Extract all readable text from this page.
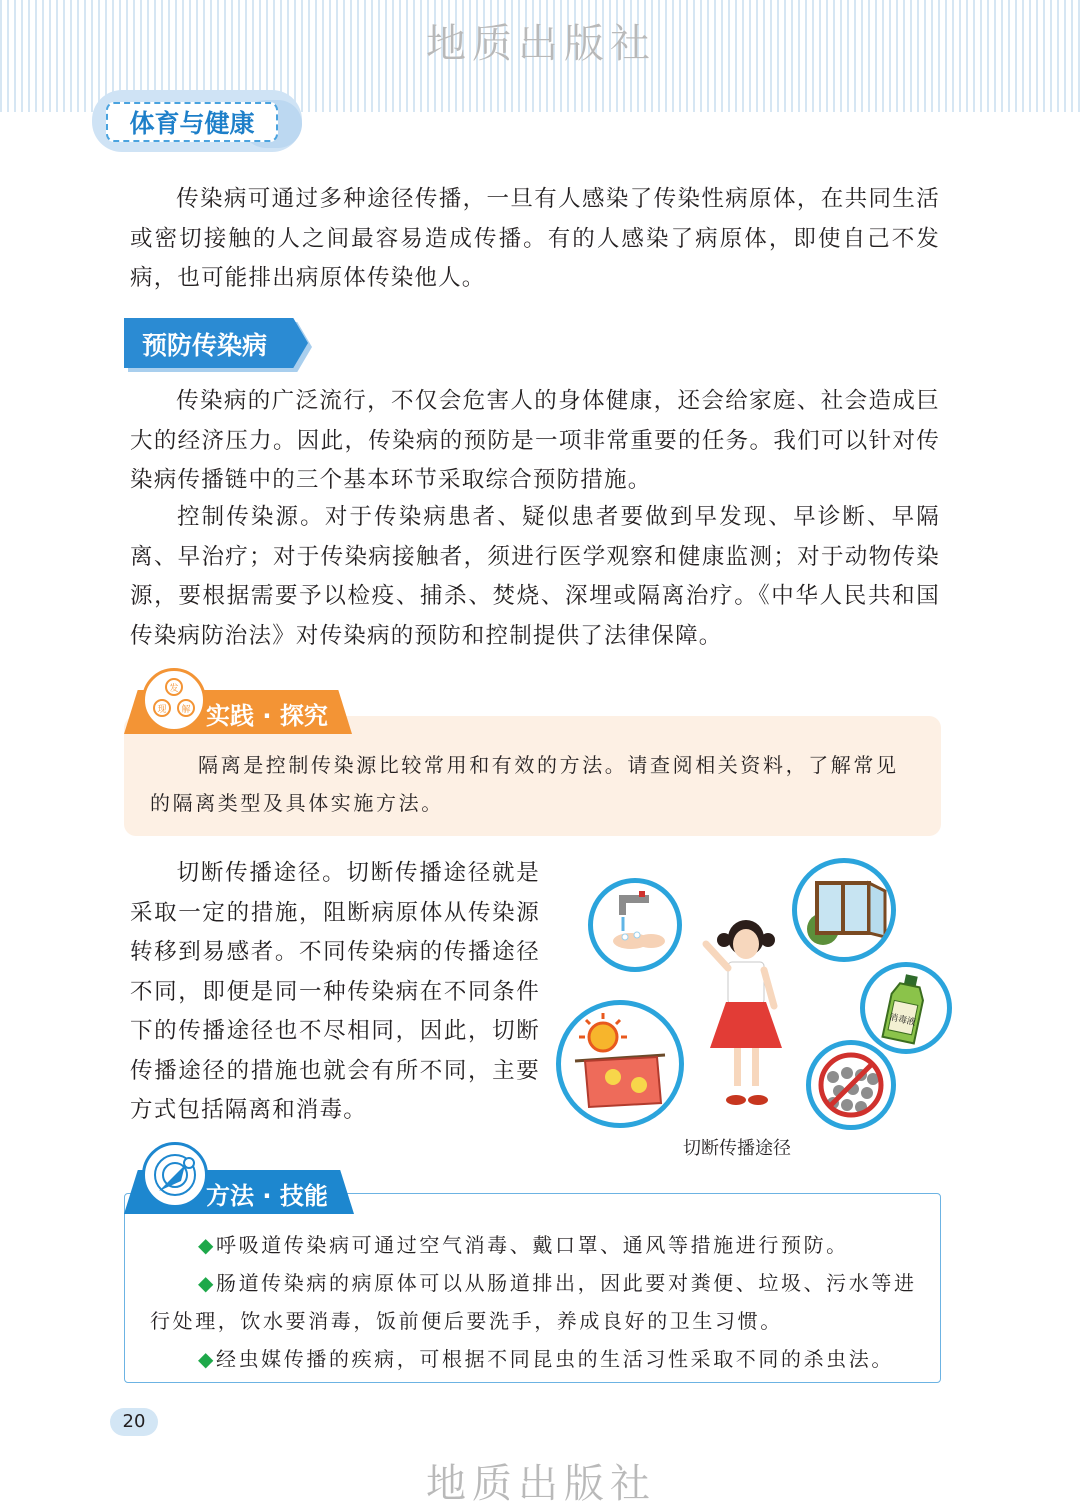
地质出版社
体育与健康

传染病可通过多种途径传播，一旦有人感染了传染性病原体，在共同生活或密切接触的人之间最容易造成传播。有的人感染了病原体，即使自己不发病，也可能排出病原体传染他人。

预防传染病

传染病的广泛流行，不仅会危害人的身体健康，还会给家庭、社会造成巨大的经济压力。因此，传染病的预防是一项非常重要的任务。我们可以针对传染病传播链中的三个基本环节采取综合预防措施。

控制传染源。对于传染病患者、疑似患者要做到早发现、早诊断、早隔离、早治疗；对于传染病接触者，须进行医学观察和健康监测；对于动物传染源，要根据需要予以检疫、捕杀、焚烧、深埋或隔离治疗。《中华人民共和国传染病防治法》对传染病的预防和控制提供了法律保障。

实践 · 探究
发
现 解

隔离是控制传染源比较常用和有效的方法。请查阅相关资料，了解常见的隔离类型及具体实施方法。

切断传播途径。切断传播途径就是采取一定的措施，阻断病原体从传染源转移到易感者。不同传染病的传播途径不同，即便是同一种传染病在不同条件下的传播途径也不尽相同，因此，切断传播途径的措施也就会有所不同，主要方式包括隔离和消毒。

消毒液
切断传播途径
方法 · 技能

◆呼吸道传染病可通过空气消毒、戴口罩、通风等措施进行预防。

◆肠道传染病的病原体可以从肠道排出，因此要对粪便、垃圾、污水等进行处理，饮水要消毒，饭前便后要洗手，养成良好的卫生习惯。

◆经虫媒传播的疾病，可根据不同昆虫的生活习性采取不同的杀虫法。

20
地质出版社
